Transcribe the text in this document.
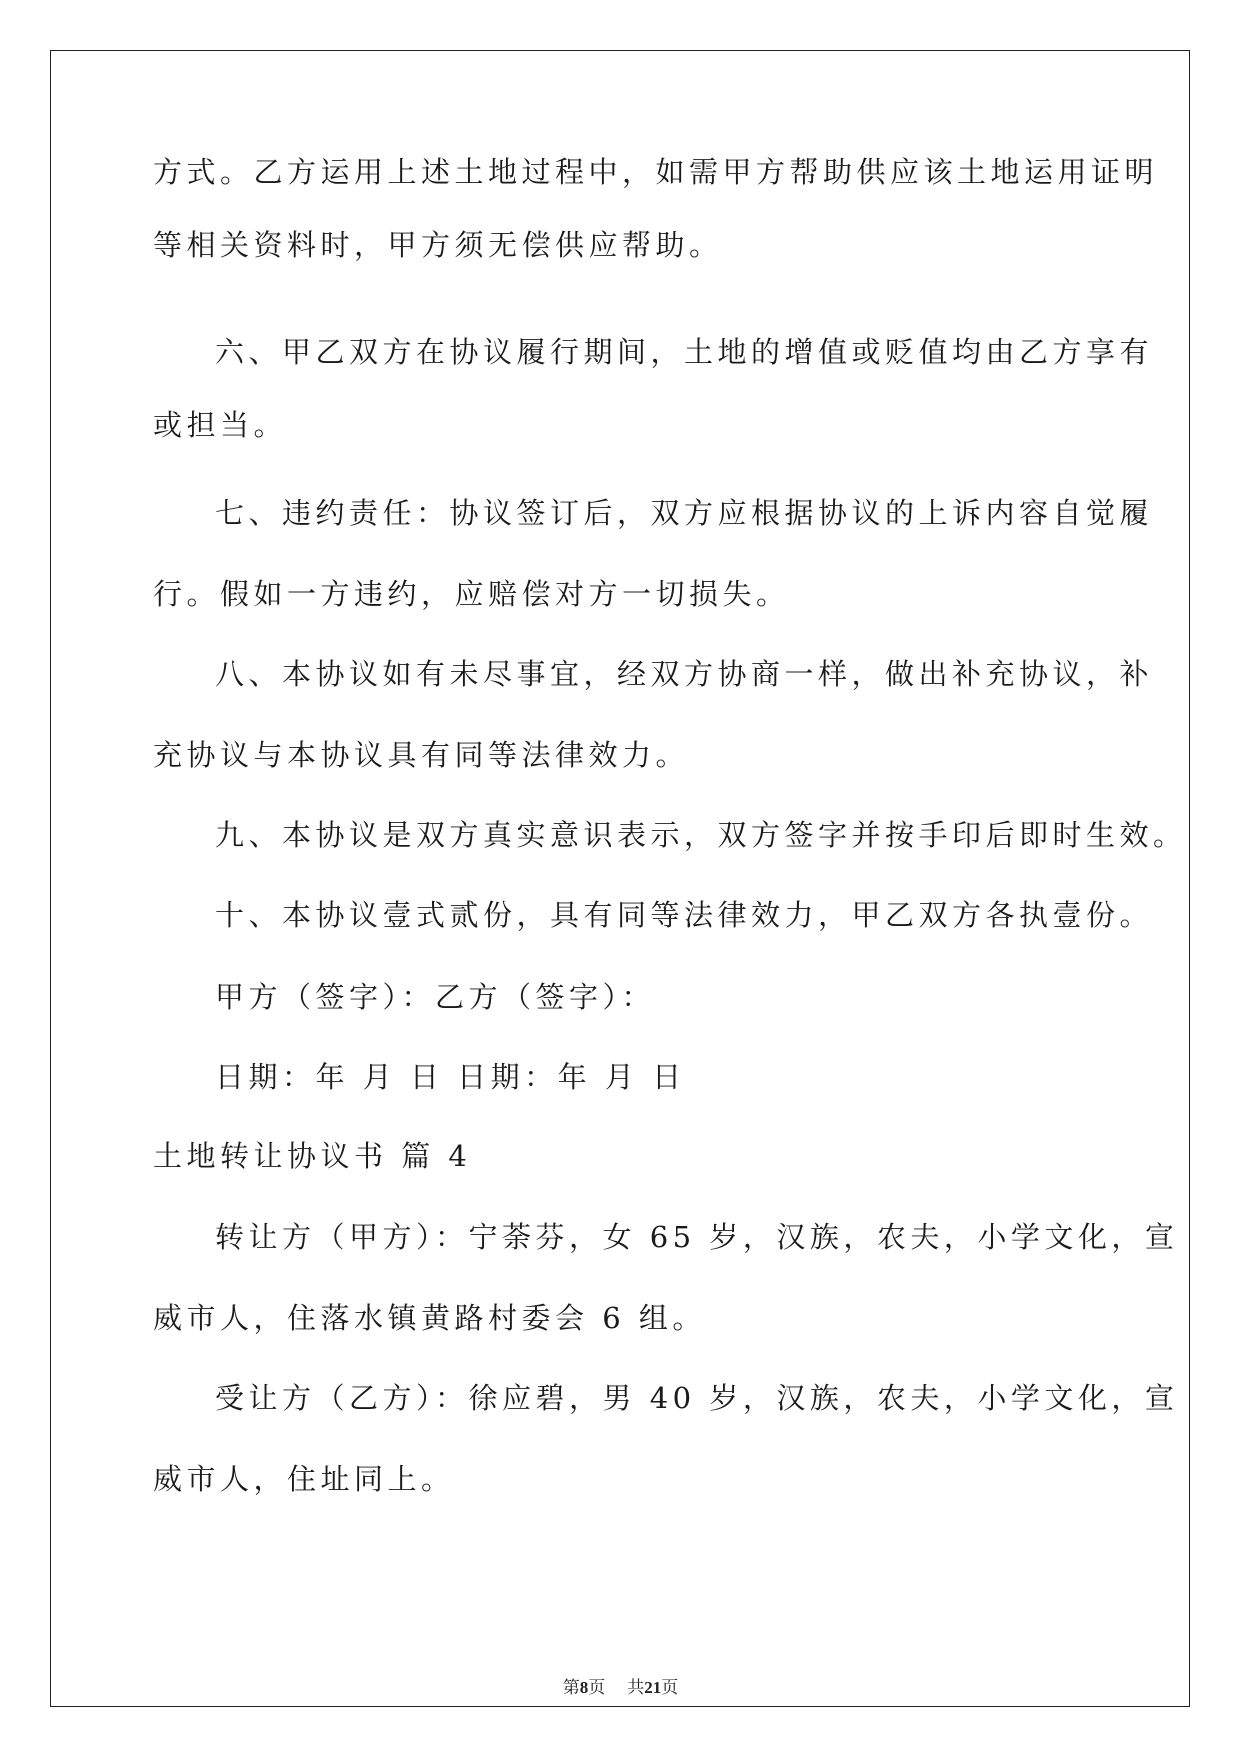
方式。乙方运用上述土地过程中，如需甲方帮助供应该土地运用证明
等相关资料时，甲方须无偿供应帮助。
六、甲乙双方在协议履行期间，土地的增值或贬值均由乙方享有
或担当。
七、违约责任：协议签订后，双方应根据协议的上诉内容自觉履
行。假如一方违约，应赔偿对方一切损失。
八、本协议如有未尽事宜，经双方协商一样，做出补充协议，补
充协议与本协议具有同等法律效力。
九、本协议是双方真实意识表示，双方签字并按手印后即时生效。
十、本协议壹式贰份，具有同等法律效力，甲乙双方各执壹份。
甲方（签字）：乙方（签字）：
日期：年 月 日 日期：年 月 日
土地转让协议书 篇 4
转让方（甲方）：宁荼芬，女 65 岁，汉族，农夫，小学文化，宣
威市人，住落水镇黄路村委会 6 组。
受让方（乙方）：徐应碧，男 40 岁，汉族，农夫，小学文化，宣
威市人，住址同上。
第8页 共21页
